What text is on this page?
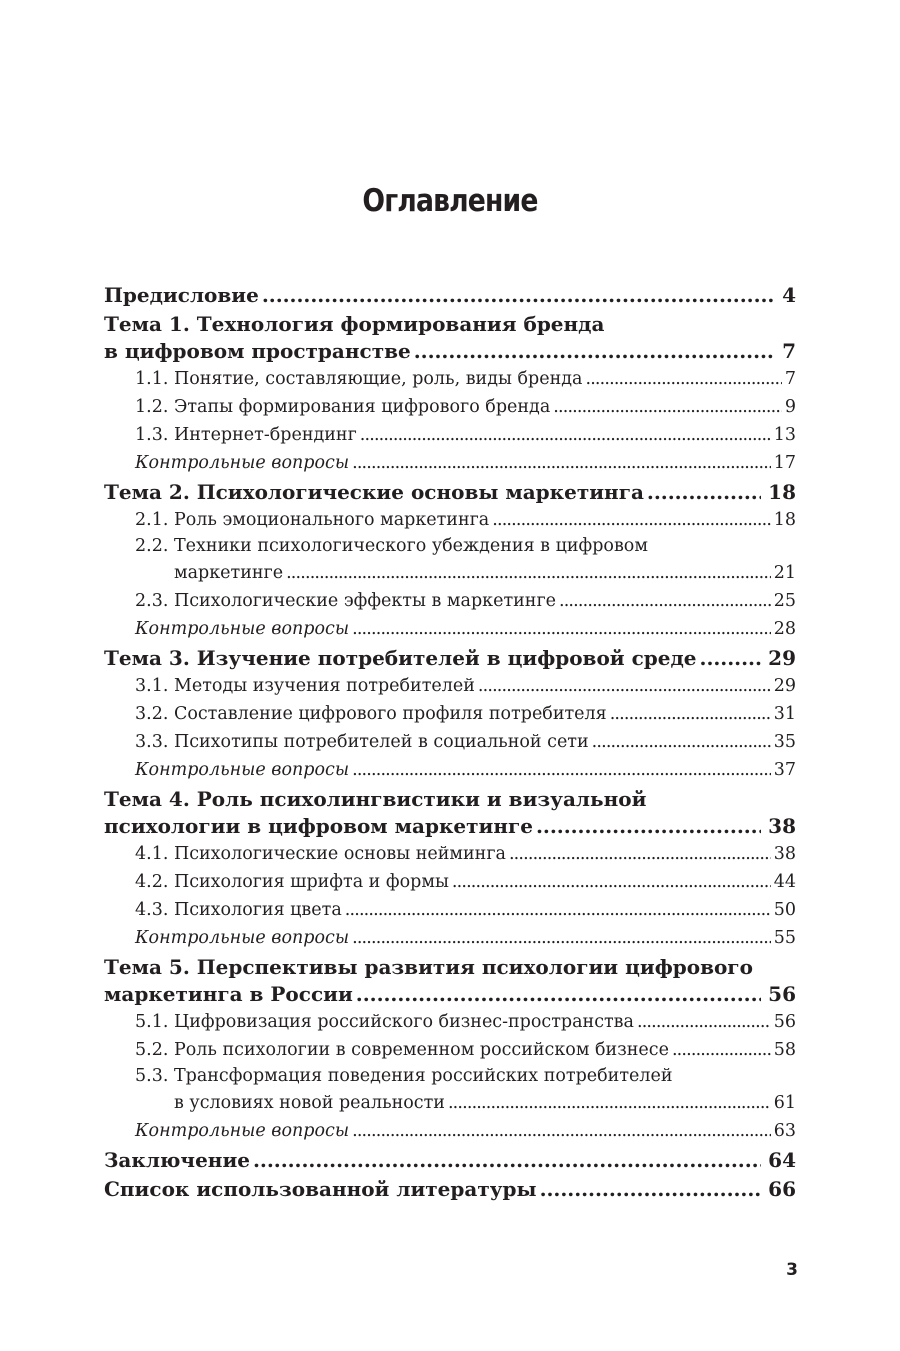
Оглавление
Предисловие . . .	4
Тема 1. Технология формирования бренда
в цифровом пространстве . . .	7
1.1. Понятие, составляющие, роль, виды бренда . . .	7
1.2. Этапы формирования цифрового бренда . . .	9
1.3. Интернет-брендинг . . .	13
Контрольные вопросы . . .	17
Тема 2. Психологические основы маркетинга . . .	18
2.1. Роль эмоционального маркетинга . . .	18
2.2. Техники психологического убеждения в цифровом
маркетинге . . .	21
2.3. Психологические эффекты в маркетинге . . .	25
Контрольные вопросы . . .	28
Тема 3. Изучение потребителей в цифровой среде . . .	29
3.1. Методы изучения потребителей . . .	29
3.2. Составление цифрового профиля потребителя . . .	31
3.3. Психотипы потребителей в социальной сети . . .	35
Контрольные вопросы . . .	37
Тема 4. Роль психолингвистики и визуальной
психологии в цифровом маркетинге . . .	38
4.1. Психологические основы нейминга . . .	38
4.2. Психология шрифта и формы . . .	44
4.3. Психология цвета . . .	50
Контрольные вопросы . . .	55
Тема 5. Перспективы развития психологии цифрового
маркетинга в России . . .	56
5.1. Цифровизация российского бизнес-пространства . . .	56
5.2. Роль психологии в современном российском бизнесе . . .	58
5.3. Трансформация поведения российских потребителей
в условиях новой реальности . . .	61
Контрольные вопросы . . .	63
Заключение . . .	64
Список использованной литературы . . .	66
3
